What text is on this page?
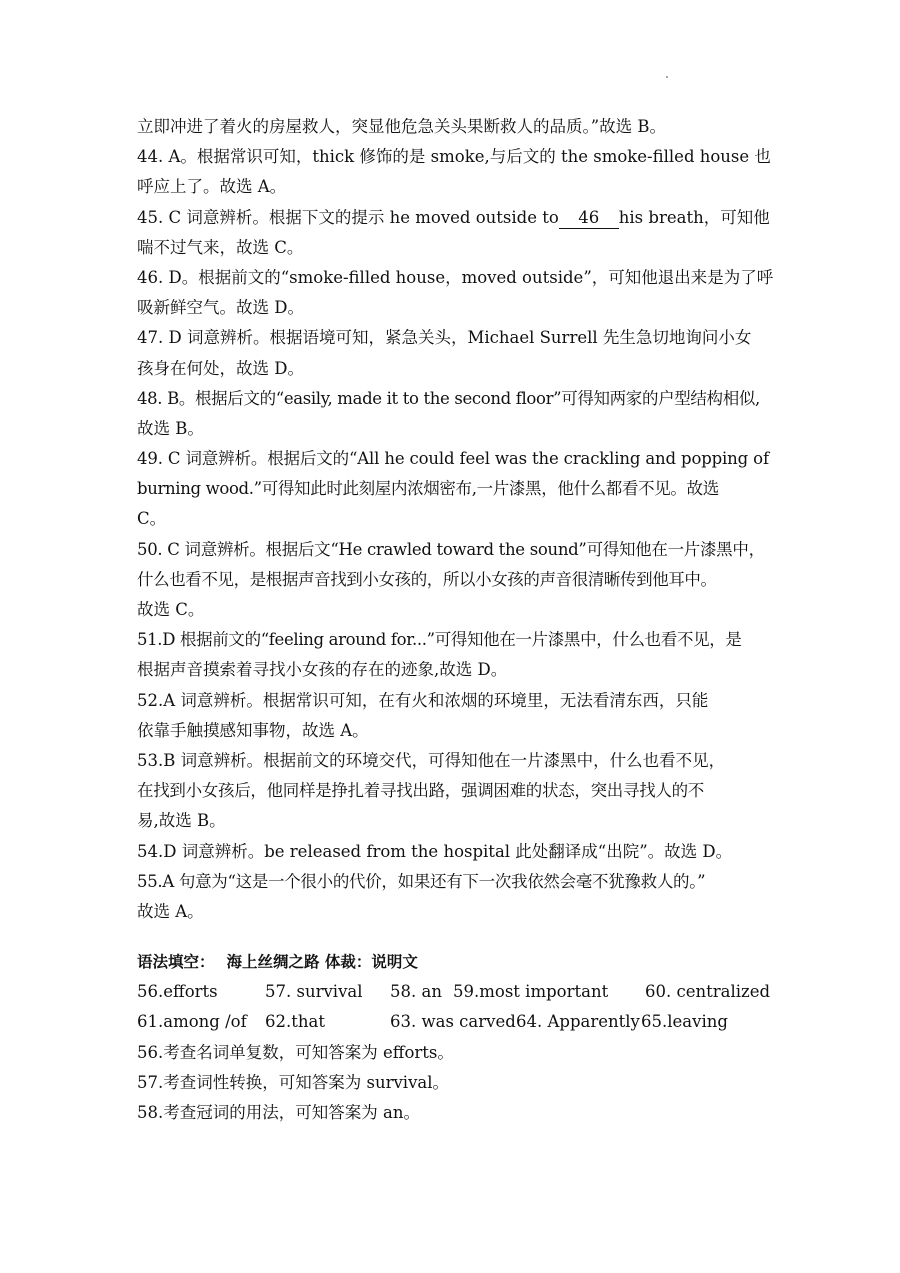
立即冲进了着火的房屋救人，突显他危急关头果断救人的品质。”故选 B。
44. A。根据常识可知，thick 修饰的是 smoke,与后文的 the smoke-filled house 也
呼应上了。故选 A。
45. C 词意辨析。根据下文的提示 he moved outside to 46 his breath，可知他
喘不过气来，故选 C。
46. D。根据前文的“smoke-filled house，moved outside”，可知他退出来是为了呼
吸新鲜空气。故选 D。
47. D 词意辨析。根据语境可知，紧急关头，Michael Surrell 先生急切地询问小女
孩身在何处，故选 D。
48. B。根据后文的“easily, made it to the second floor”可得知两家的户型结构相似,
故选 B。
49. C 词意辨析。根据后文的“All he could feel was the crackling and popping of
burning wood.”可得知此时此刻屋内浓烟密布,一片漆黑，他什么都看不见。故选
C。
50. C 词意辨析。根据后文“He crawled toward the sound”可得知他在一片漆黑中，
什么也看不见，是根据声音找到小女孩的，所以小女孩的声音很清晰传到他耳中。
故选 C。
51.D 根据前文的“feeling around for...”可得知他在一片漆黑中，什么也看不见，是
根据声音摸索着寻找小女孩的存在的迹象,故选 D。
52.A 词意辨析。根据常识可知，在有火和浓烟的环境里，无法看清东西，只能
依靠手触摸感知事物，故选 A。
53.B 词意辨析。根据前文的环境交代，可得知他在一片漆黑中，什么也看不见，
在找到小女孩后，他同样是挣扎着寻找出路，强调困难的状态，突出寻找人的不
易,故选 B。
54.D 词意辨析。be released from the hospital 此处翻译成“出院”。故选 D。
55.A 句意为“这是一个很小的代价，如果还有下一次我依然会毫不犹豫救人的。”
故选 A。
语法填空： 海上丝绸之路 体裁：说明文
56.efforts	57. survival 58. an 59.most important 60. centralized
61.among /of 62.that	63. was carved 64. Apparently 65.leaving
56.考查名词单复数，可知答案为 efforts。
57.考查词性转换，可知答案为 survival。
58.考查冠词的用法，可知答案为 an。
